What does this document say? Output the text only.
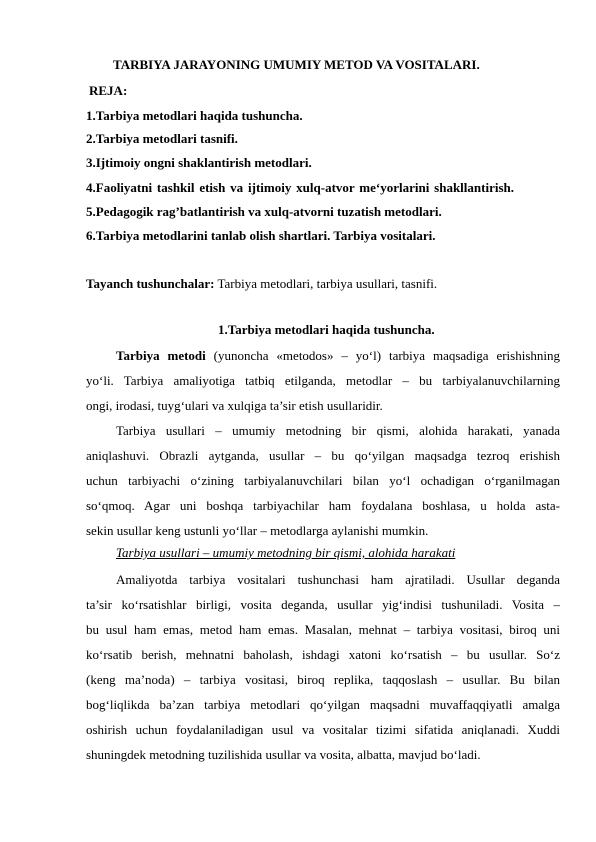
TARBIYA JARAYONING UMUMIY METOD VA VOSITALARI.
REJA:
1.Tarbiya metodlari haqida tushuncha.
2.Tarbiya metodlari tasnifi.
3.Ijtimoiy ongni shaklantirish metodlari.
4.Faoliyatni tashkil etish va ijtimoiy xulq-atvor me‘yorlarini shakllantirish.
5.Pedagogik rag’batlantirish va xulq-atvorni tuzatish metodlari.
6.Tarbiya metodlarini tanlab olish shartlari. Tarbiya vositalari.
Tayanch tushunchalar: Tarbiya metodlari, tarbiya usullari, tasnifi.
1.Tarbiya metodlari haqida tushuncha.
Tarbiya metodi (yunoncha «metodos» – yo‘l) tarbiya maqsadiga erishishning
yo‘li. Tarbiya amaliyotiga tatbiq etilganda, metodlar – bu tarbiyalanuvchilarning
ongi, irodasi, tuyg‘ulari va xulqiga ta’sir etish usullaridir.
Tarbiya usullari – umumiy metodning bir qismi, alohida harakati, yanada
aniqlashuvi. Obrazli aytganda, usullar – bu qo‘yilgan maqsadga tezroq erishish
uchun tarbiyachi o‘zining tarbiyalanuvchilari bilan yo‘l ochadigan o‘rganilmagan
so‘qmoq. Agar uni boshqa tarbiyachilar ham foydalana boshlasa, u holda asta-
sekin usullar keng ustunli yo‘llar – metodlarga aylanishi mumkin.
Tarbiya usullari – umumiy metodning bir qismi, alohida harakati
Amaliyotda tarbiya vositalari tushunchasi ham ajratiladi. Usullar deganda
ta’sir ko‘rsatishlar birligi, vosita deganda, usullar yig‘indisi tushuniladi. Vosita –
bu usul ham emas, metod ham emas. Masalan, mehnat – tarbiya vositasi, biroq uni
ko‘rsatib berish, mehnatni baholash, ishdagi xatoni ko‘rsatish – bu usullar. So‘z
(keng ma’noda) – tarbiya vositasi, biroq replika, taqqoslash – usullar. Bu bilan
bog‘liqlikda ba’zan tarbiya metodlari qo‘yilgan maqsadni muvaffaqqiyatli amalga
oshirish uchun foydalaniladigan usul va vositalar tizimi sifatida aniqlanadi. Xuddi
shuningdek metodning tuzilishida usullar va vosita, albatta, mavjud bo‘ladi.
